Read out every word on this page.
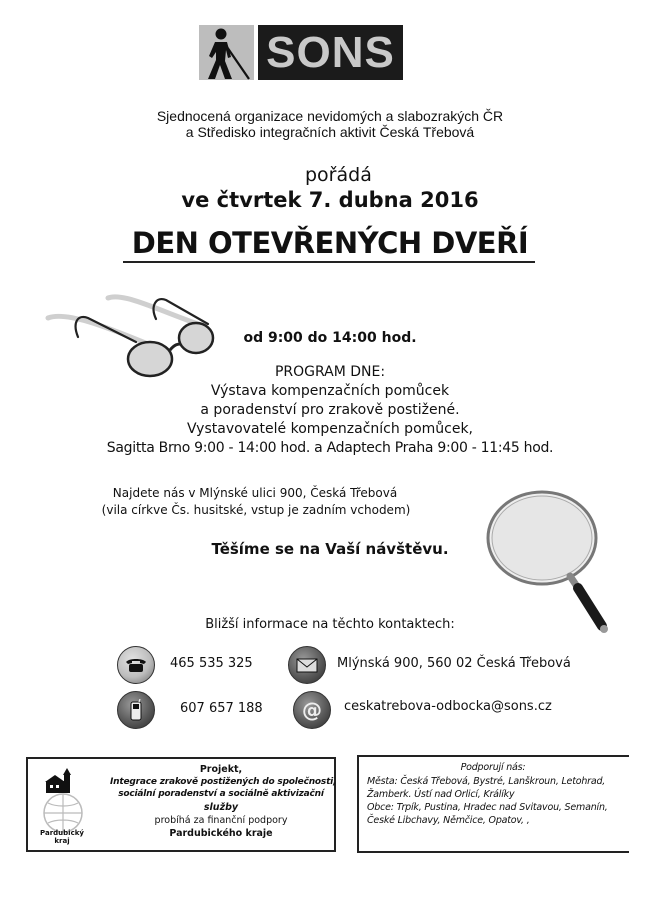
SONS
Sjednocená organizace nevidomých a slabozrakých ČR
a Středisko integračních aktivit Česká Třebová
pořádá
ve čtvrtek 7. dubna 2016
DEN OTEVŘENÝCH DVEŘÍ
od 9:00 do 14:00 hod.
PROGRAM DNE:
Výstava kompenzačních pomůcek
a poradenství pro zrakově postižené.
Vystavovatelé kompenzačních pomůcek,
Sagitta Brno 9:00 - 14:00 hod. a Adaptech Praha 9:00 - 11:45 hod.
Najdete nás v Mlýnské ulici 900, Česká Třebová
(vila církve Čs. husitské, vstup je zadním vchodem)
Těšíme se na Vaší návštěvu.
Bližší informace na těchto kontaktech:
465 535 325
607 657 188
Mlýnská 900, 560 02 Česká Třebová
@ ceskatrebova-odbocka@sons.cz
Pardubický
kraj
Projekt,
Integrace zrakově postižených do společnosti,
sociální poradenství a sociálně aktivizační
služby
probíhá za finanční podpory
Pardubického kraje
Podporují nás:
Města: Česká Třebová, Bystré, Lanškroun, Letohrad,
Žamberk. Ústí nad Orlicí, Králíky
Obce: Trpík, Pustina, Hradec nad Svitavou, Semanín,
České Libchavy, Němčice, Opatov, ,
